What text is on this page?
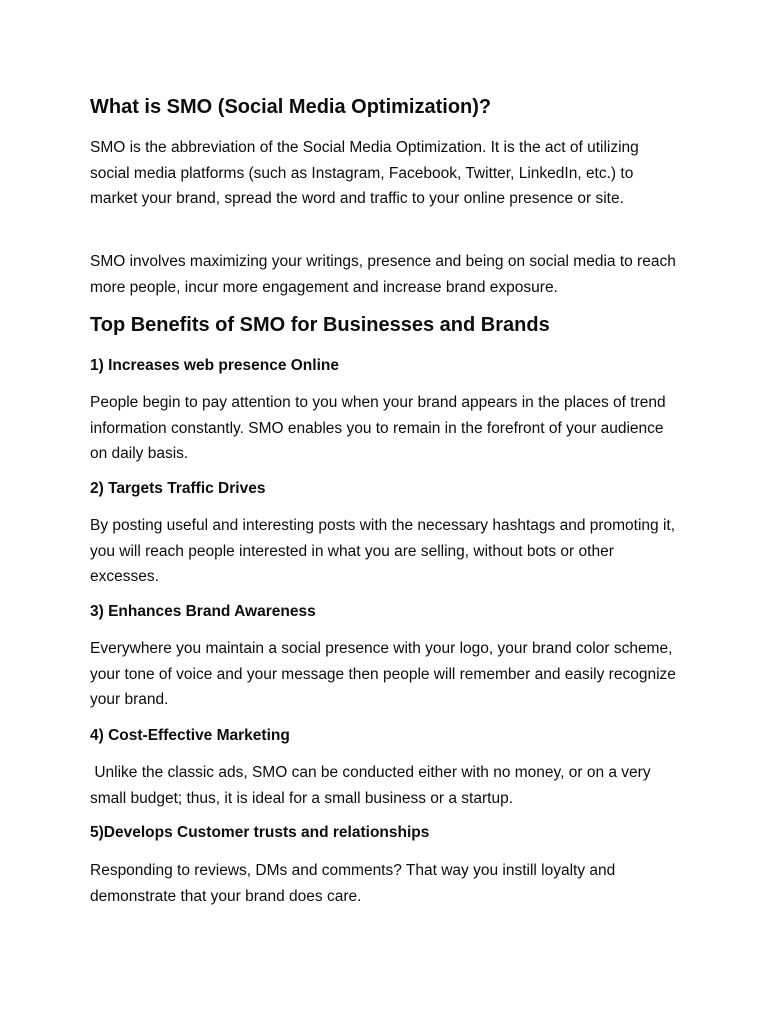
What is SMO (Social Media Optimization)?

SMO is the abbreviation of the Social Media Optimization. It is the act of utilizing social media platforms (such as Instagram, Facebook, Twitter, LinkedIn, etc.) to market your brand, spread the word and traffic to your online presence or site.

SMO involves maximizing your writings, presence and being on social media to reach more people, incur more engagement and increase brand exposure.

Top Benefits of SMO for Businesses and Brands
1) Increases web presence Online

People begin to pay attention to you when your brand appears in the places of trend information constantly. SMO enables you to remain in the forefront of your audience on daily basis.

2) Targets Traffic Drives

By posting useful and interesting posts with the necessary hashtags and promoting it, you will reach people interested in what you are selling, without bots or other excesses.

3) Enhances Brand Awareness

Everywhere you maintain a social presence with your logo, your brand color scheme, your tone of voice and your message then people will remember and easily recognize your brand.

4) Cost-Effective Marketing

Unlike the classic ads, SMO can be conducted either with no money, or on a very small budget; thus, it is ideal for a small business or a startup.

5)Develops Customer trusts and relationships

Responding to reviews, DMs and comments? That way you instill loyalty and demonstrate that your brand does care.
